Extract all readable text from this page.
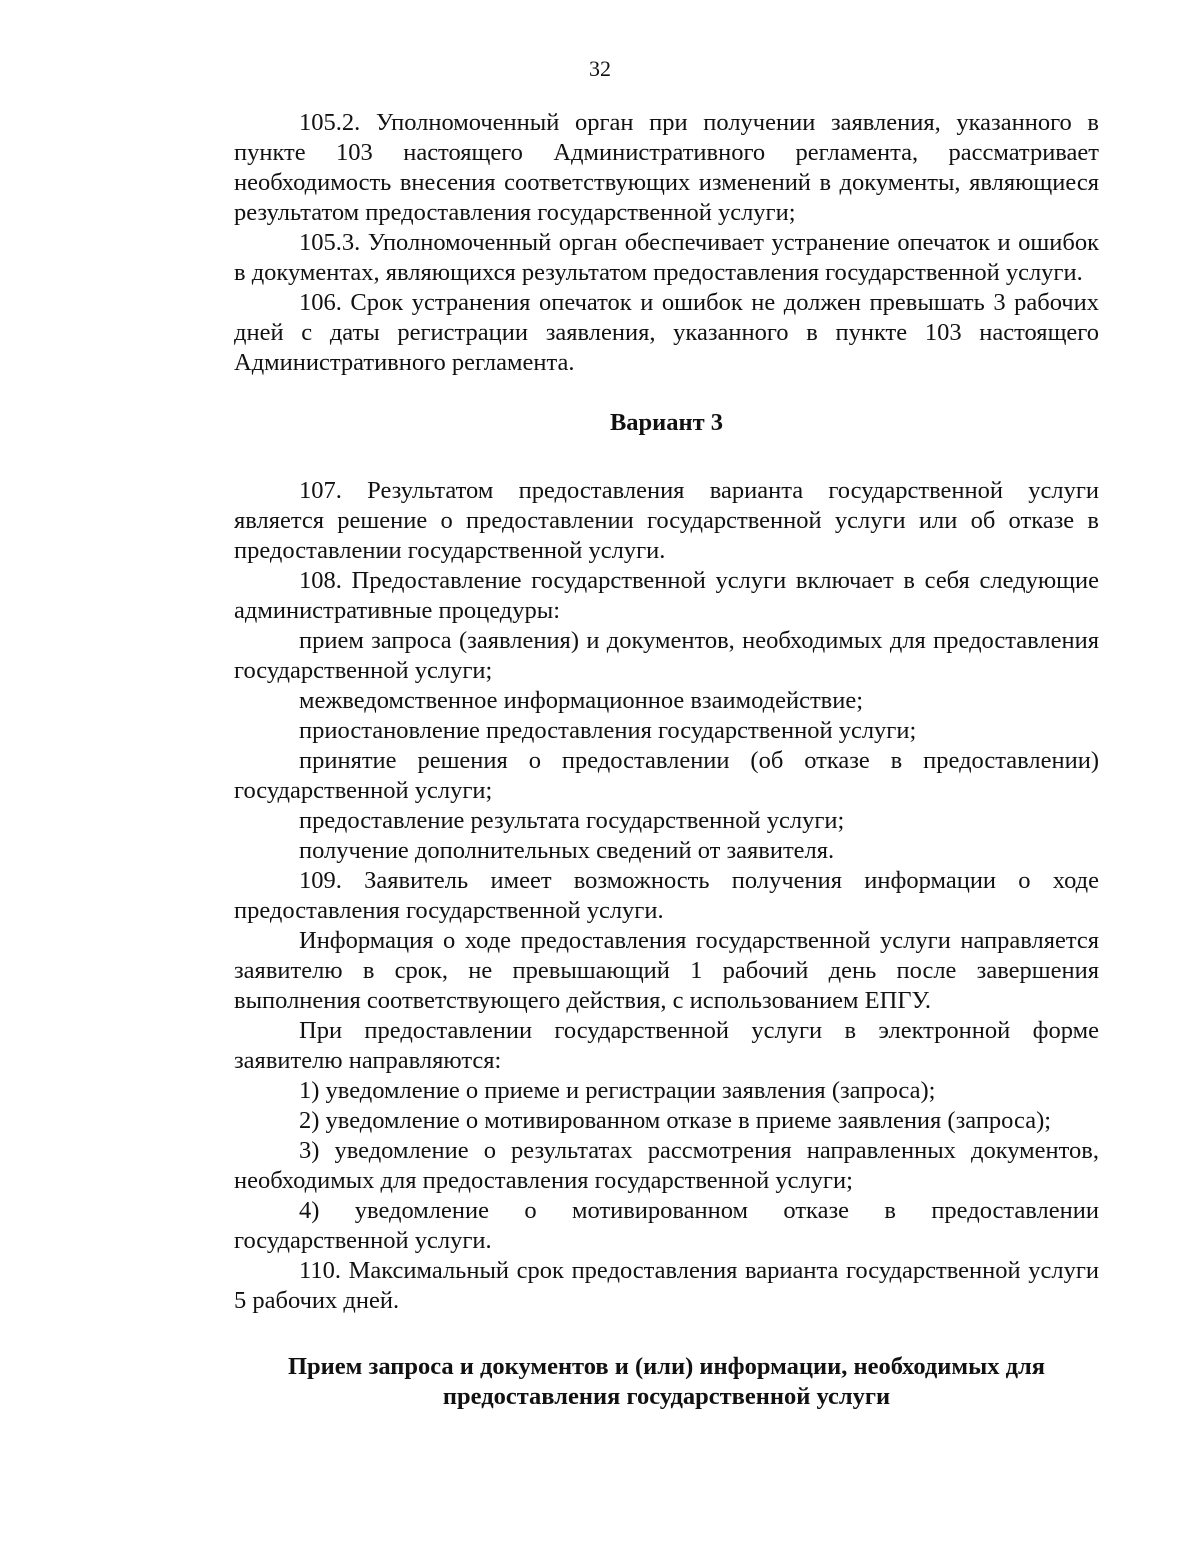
32

105.2. Уполномоченный орган при получении заявления, указанного в пункте 103 настоящего Административного регламента, рассматривает необходимость внесения соответствующих изменений в документы, являющиеся результатом предоставления государственной услуги;

105.3. Уполномоченный орган обеспечивает устранение опечаток и ошибок в документах, являющихся результатом предоставления государственной услуги.

106. Срок устранения опечаток и ошибок не должен превышать 3 рабочих дней с даты регистрации заявления, указанного в пункте 103 настоящего Административного регламента.

Вариант 3

107. Результатом предоставления варианта государственной услуги является решение о предоставлении государственной услуги или об отказе в предоставлении государственной услуги.

108. Предоставление государственной услуги включает в себя следующие административные процедуры:

прием запроса (заявления) и документов, необходимых для предоставления государственной услуги;

межведомственное информационное взаимодействие;

приостановление предоставления государственной услуги;

принятие решения о предоставлении (об отказе в предоставлении) государственной услуги;

предоставление результата государственной услуги;

получение дополнительных сведений от заявителя.

109. Заявитель имеет возможность получения информации о ходе предоставления государственной услуги.

Информация о ходе предоставления государственной услуги направляется заявителю в срок, не превышающий 1 рабочий день после завершения выполнения соответствующего действия, с использованием ЕПГУ.

При предоставлении государственной услуги в электронной форме заявителю направляются:

1) уведомление о приеме и регистрации заявления (запроса);

2) уведомление о мотивированном отказе в приеме заявления (запроса);

3) уведомление о результатах рассмотрения направленных документов, необходимых для предоставления государственной услуги;

4) уведомление о мотивированном отказе в предоставлении государственной услуги.

110. Максимальный срок предоставления варианта государственной услуги 5 рабочих дней.

Прием запроса и документов и (или) информации, необходимых для предоставления государственной услуги
